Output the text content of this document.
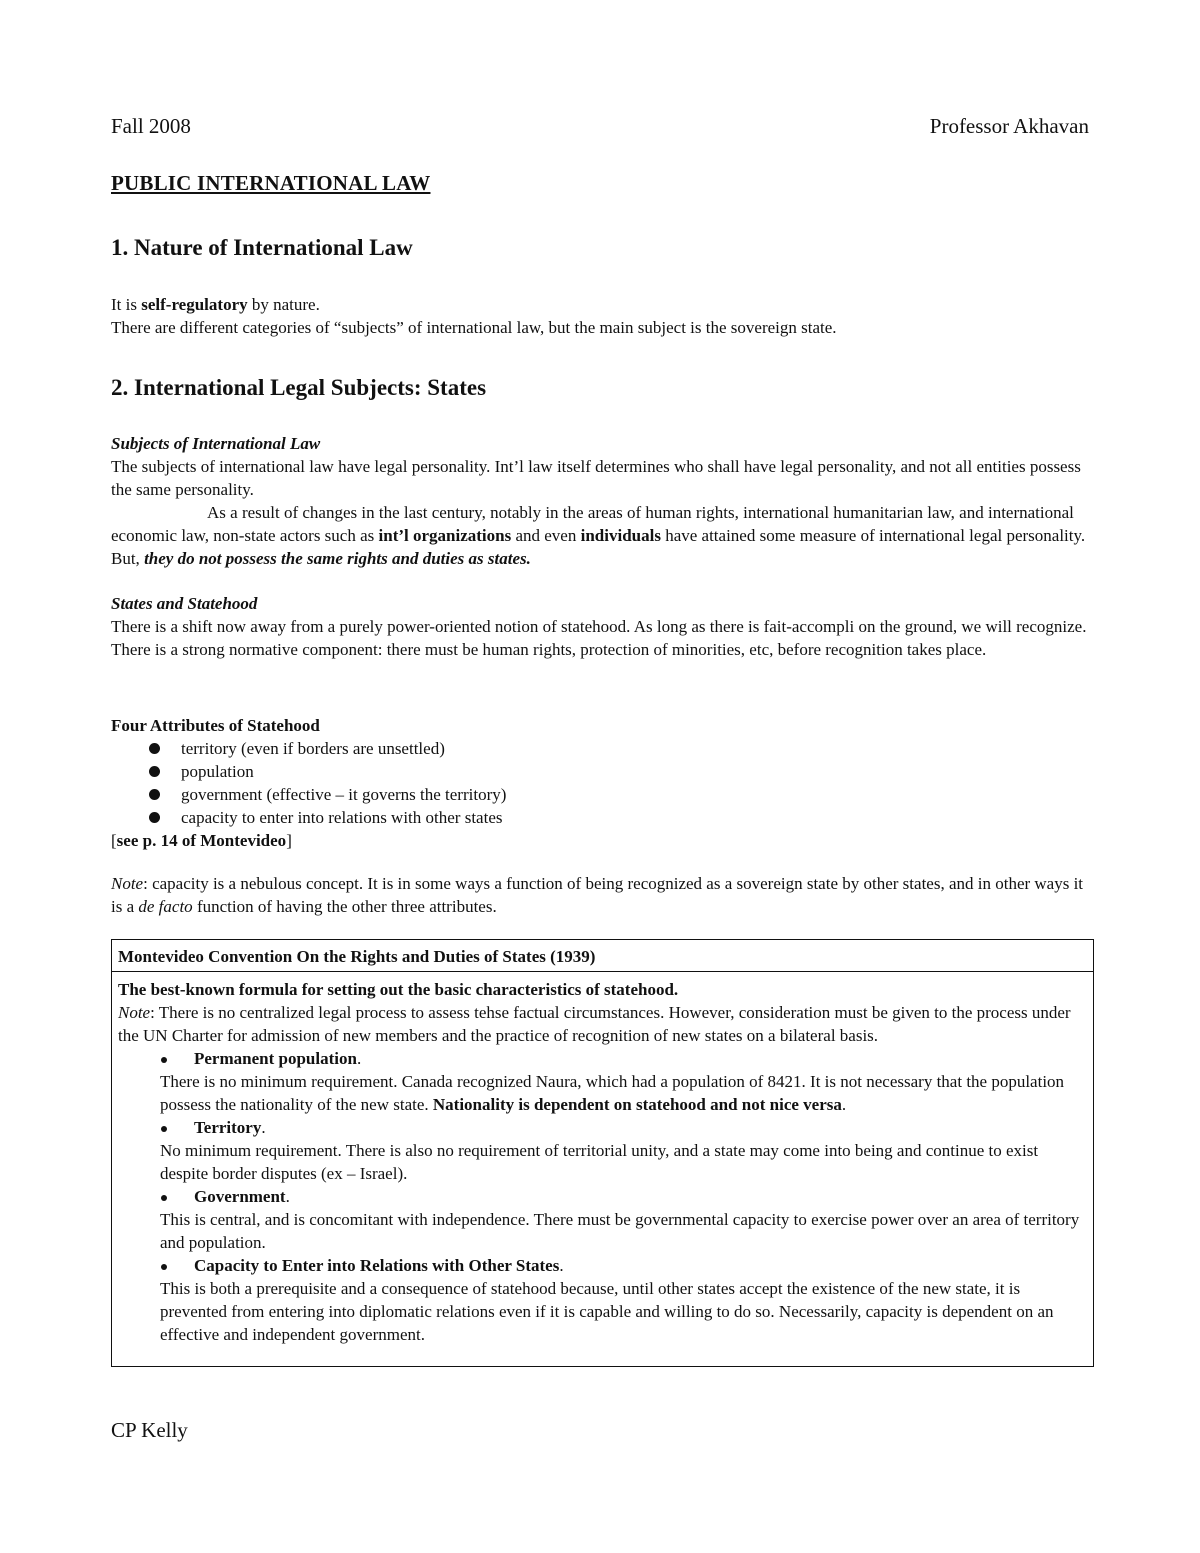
Fall 2008	Professor Akhavan
PUBLIC INTERNATIONAL LAW
1. Nature of International Law

It is self-regulatory by nature.

There are different categories of “subjects” of international law, but the main subject is the sovereign state.

2. International Legal Subjects: States

Subjects of International Law

The subjects of international law have legal personality. Int’l law itself determines who shall have legal personality, and not all entities possess the same personality.

As a result of changes in the last century, notably in the areas of human rights, international humanitarian law, and international economic law, non-state actors such as int’l organizations and even individuals have attained some measure of international legal personality. But, they do not possess the same rights and duties as states.

States and Statehood

There is a shift now away from a purely power-oriented notion of statehood. As long as there is fait-accompli on the ground, we will recognize. There is a strong normative component: there must be human rights, protection of minorities, etc, before recognition takes place.

Four Attributes of Statehood

territory (even if borders are unsettled)
population
government (effective – it governs the territory)
capacity to enter into relations with other states

[see p. 14 of Montevideo]

Note: capacity is a nebulous concept. It is in some ways a function of being recognized as a sovereign state by other states, and in other ways it is a de facto function of having the other three attributes.

Montevideo Convention On the Rights and Duties of States (1939)

The best-known formula for setting out the basic characteristics of statehood.

Note: There is no centralized legal process to assess tehse factual circumstances. However, consideration must be given to the process under the UN Charter for admission of new members and the practice of recognition of new states on a bilateral basis.

Permanent population.

There is no minimum requirement. Canada recognized Naura, which had a population of 8421. It is not necessary that the population possess the nationality of the new state. Nationality is dependent on statehood and not nice versa.

Territory.

No minimum requirement. There is also no requirement of territorial unity, and a state may come into being and continue to exist despite border disputes (ex – Israel).

Government.

This is central, and is concomitant with independence. There must be governmental capacity to exercise power over an area of territory and population.

Capacity to Enter into Relations with Other States.

This is both a prerequisite and a consequence of statehood because, until other states accept the existence of the new state, it is prevented from entering into diplomatic relations even if it is capable and willing to do so. Necessarily, capacity is dependent on an effective and independent government.

CP Kelly
